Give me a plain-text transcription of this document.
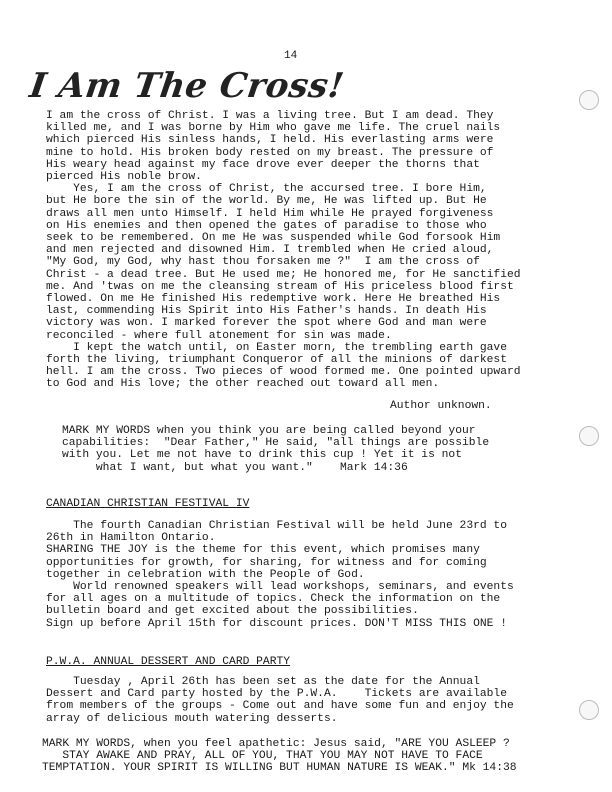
14
I Am The Cross!
I am the cross of Christ. I was a living tree. But I am dead. They
killed me, and I was borne by Him who gave me life. The cruel nails
which pierced His sinless hands, I held. His everlasting arms were
mine to hold. His broken body rested on my breast. The pressure of
His weary head against my face drove ever deeper the thorns that
pierced His noble brow.
Yes, I am the cross of Christ, the accursed tree. I bore Him,
but He bore the sin of the world. By me, He was lifted up. But He
draws all men unto Himself. I held Him while He prayed forgiveness
on His enemies and then opened the gates of paradise to those who
seek to be remembered. On me He was suspended while God forsook Him
and men rejected and disowned Him. I trembled when He cried aloud,
"My God, my God, why hast thou forsaken me ?"  I am the cross of
Christ - a dead tree. But He used me; He honored me, for He sanctified
me. And 'twas on me the cleansing stream of His priceless blood first
flowed. On me He finished His redemptive work. Here He breathed His
last, commending His Spirit into His Father's hands. In death His
victory was won. I marked forever the spot where God and man were
reconciled - where full atonement for sin was made.
I kept the watch until, on Easter morn, the trembling earth gave
forth the living, triumphant Conqueror of all the minions of darkest
hell. I am the cross. Two pieces of wood formed me. One pointed upward
to God and His love; the other reached out toward all men.
Author unknown.
MARK MY WORDS when you think you are being called beyond your
capabilities:  "Dear Father," He said, "all things are possible
with you. Let me not have to drink this cup ! Yet it is not
what I want, but what you want."    Mark 14:36
CANADIAN CHRISTIAN FESTIVAL IV
The fourth Canadian Christian Festival will be held June 23rd to
26th in Hamilton Ontario.
SHARING THE JOY is the theme for this event, which promises many
opportunities for growth, for sharing, for witness and for coming
together in celebration with the People of God.
World renowned speakers will lead workshops, seminars, and events
for all ages on a multitude of topics. Check the information on the
bulletin board and get excited about the possibilities.
Sign up before April 15th for discount prices. DON'T MISS THIS ONE !
P.W.A. ANNUAL DESSERT AND CARD PARTY
Tuesday , April 26th has been set as the date for the Annual
Dessert and Card party hosted by the P.W.A.    Tickets are available
from members of the groups - Come out and have some fun and enjoy the
array of delicious mouth watering desserts.
MARK MY WORDS, when you feel apathetic: Jesus said, "ARE YOU ASLEEP ?
STAY AWAKE AND PRAY, ALL OF YOU, THAT YOU MAY NOT HAVE TO FACE
TEMPTATION. YOUR SPIRIT IS WILLING BUT HUMAN NATURE IS WEAK." Mk 14:38
